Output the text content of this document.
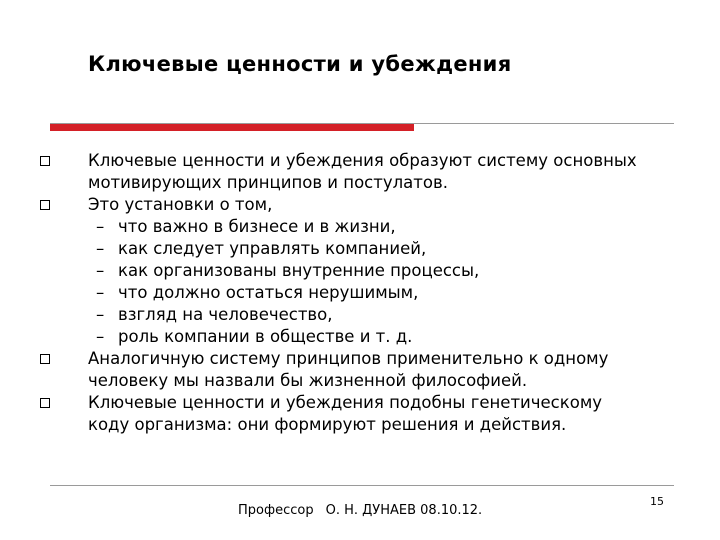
Ключевые ценности и убеждения
Ключевые ценности и убеждения образуют систему основных
мотивирующих принципов и постулатов.
Это установки о том,
– что важно в бизнесе и в жизни,
– как следует управлять компанией,
– как организованы внутренние процессы,
– что должно остаться нерушимым,
– взгляд на человечество,
– роль компании в обществе и т. д.
Аналогичную систему принципов применительно к одному
человеку мы назвали бы жизненной философией.
Ключевые ценности и убеждения подобны генетическому
коду организма: они формируют решения и действия.
Профессор О. Н. ДУНАЕВ 08.10.12.
15
